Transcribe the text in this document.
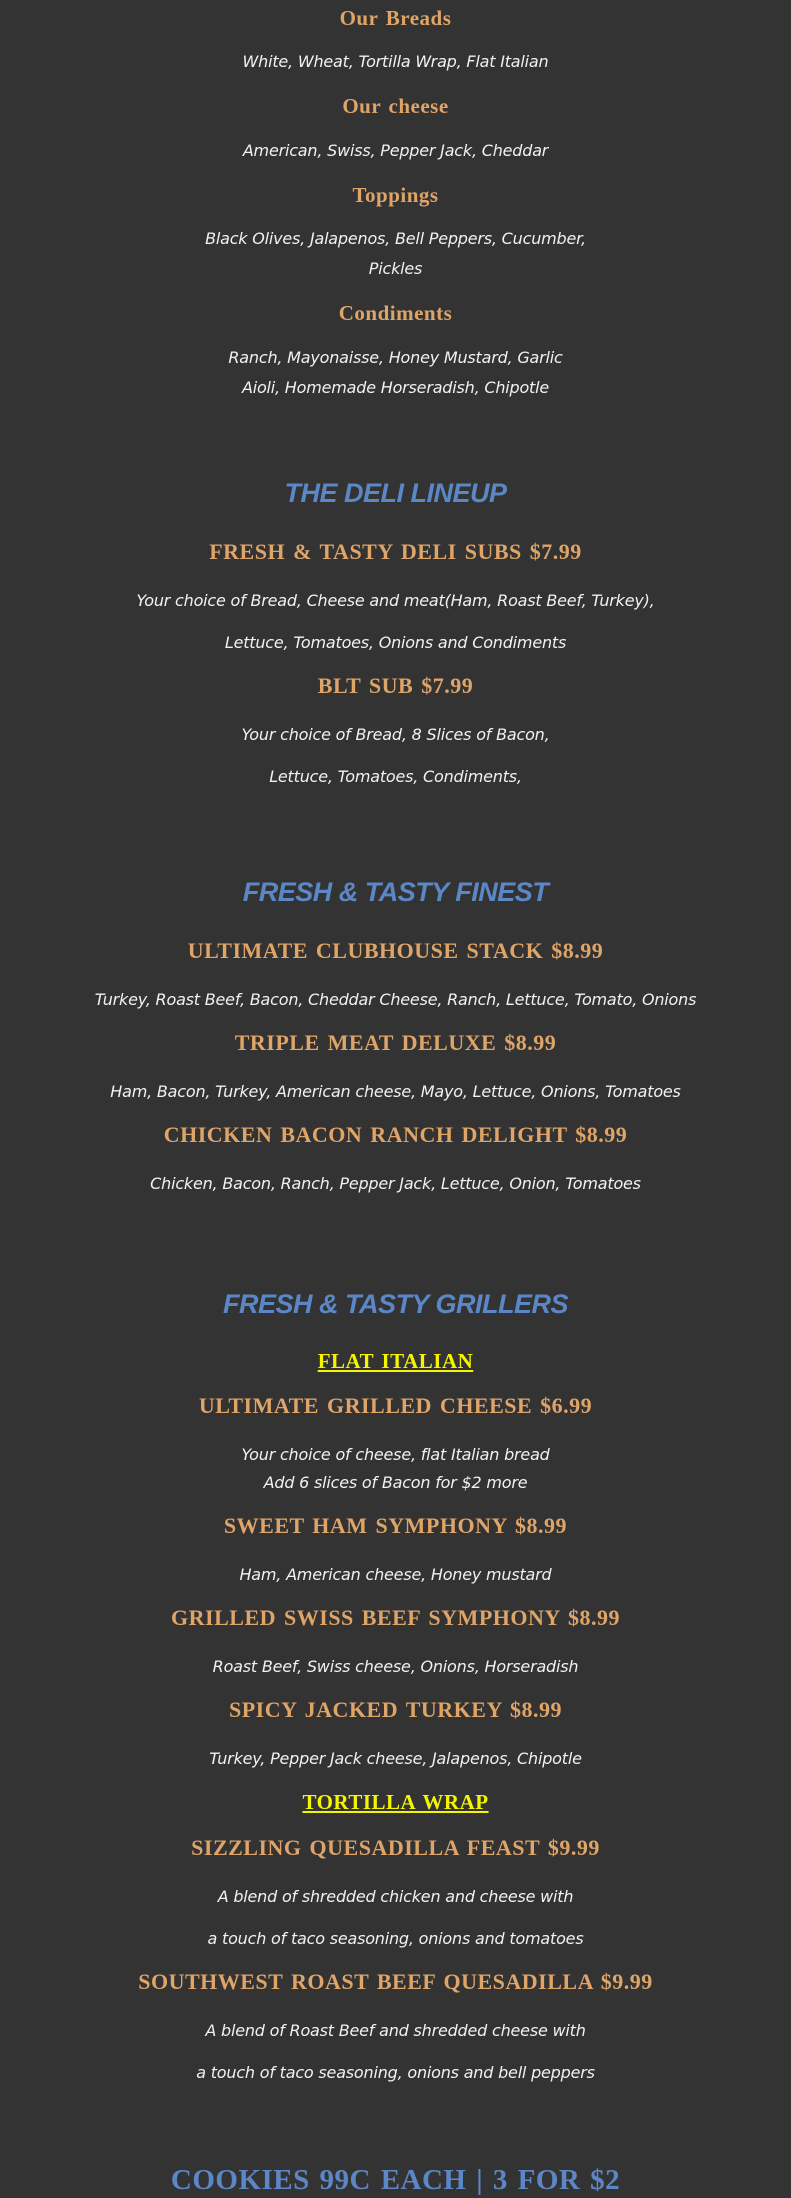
Our Breads
White, Wheat, Tortilla Wrap, Flat Italian
Our cheese
American, Swiss, Pepper Jack, Cheddar
Toppings
Black Olives, Jalapenos, Bell Peppers, Cucumber,
Pickles
Condiments
Ranch, Mayonaisse, Honey Mustard, Garlic
Aioli, Homemade Horseradish, Chipotle
THE DELI LINEUP
FRESH & TASTY DELI SUBS $7.99
Your choice of Bread, Cheese and meat(Ham, Roast Beef, Turkey),
Lettuce, Tomatoes, Onions and Condiments
BLT SUB $7.99
Your choice of Bread, 8 Slices of Bacon,
Lettuce, Tomatoes, Condiments,
FRESH & TASTY FINEST
ULTIMATE CLUBHOUSE STACK $8.99
Turkey, Roast Beef, Bacon, Cheddar Cheese, Ranch, Lettuce, Tomato, Onions
TRIPLE MEAT DELUXE $8.99
Ham, Bacon, Turkey, American cheese, Mayo, Lettuce, Onions, Tomatoes
CHICKEN BACON RANCH DELIGHT $8.99
Chicken, Bacon, Ranch, Pepper Jack, Lettuce, Onion, Tomatoes
FRESH & TASTY GRILLERS
FLAT ITALIAN
ULTIMATE GRILLED CHEESE $6.99
Your choice of cheese, flat Italian bread
Add 6 slices of Bacon for $2 more
SWEET HAM SYMPHONY $8.99
Ham, American cheese, Honey mustard
GRILLED SWISS BEEF SYMPHONY $8.99
Roast Beef, Swiss cheese, Onions, Horseradish
SPICY JACKED TURKEY $8.99
Turkey, Pepper Jack cheese, Jalapenos, Chipotle
TORTILLA WRAP
SIZZLING QUESADILLA FEAST $9.99
A blend of shredded chicken and cheese with
a touch of taco seasoning, onions and tomatoes
SOUTHWEST ROAST BEEF QUESADILLA $9.99
A blend of Roast Beef and shredded cheese with
a touch of taco seasoning, onions and bell peppers
COOKIES 99C EACH | 3 FOR $2
